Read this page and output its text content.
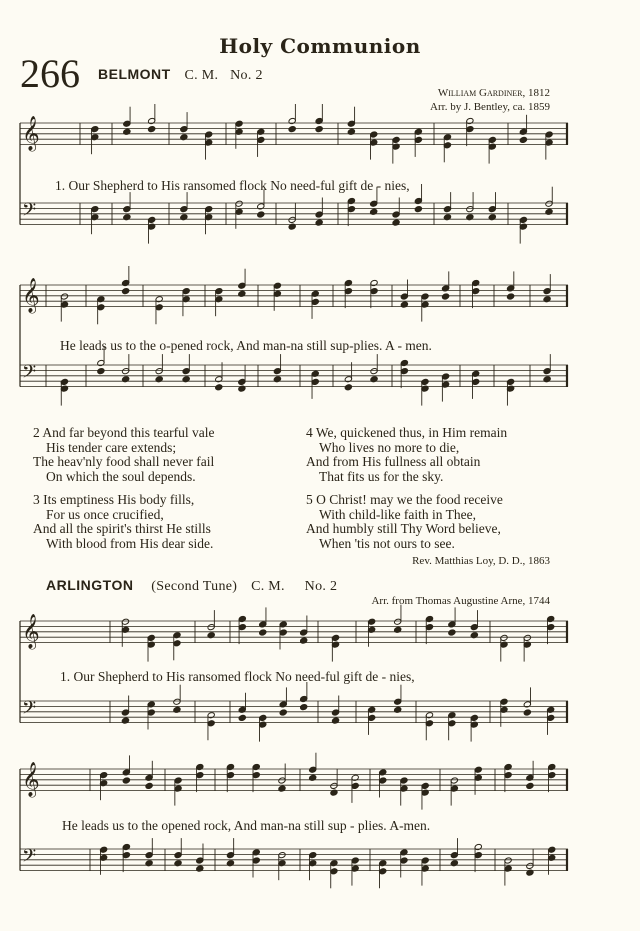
Holy Communion
266 BELMONT C. M. No. 2
William Gardiner, 1812
Arr. by J. Bentley, ca. 1859
𝄞
𝄢
1. Our Shepherd to His ransomed flock No need-ful gift de - nies,
𝄞
𝄢
He leads us to the o-pened rock, And man-na still sup-plies. A - men.
2 And far beyond this tearful vale
His tender care extends;
The heav'nly food shall never fail
On which the soul depends.
3 Its emptiness His body fills,
For us once crucified,
And all the spirit's thirst He stills
With blood from His dear side.
4 We, quickened thus, in Him remain
Who lives no more to die,
And from His fullness all obtain
That fits us for the sky.
5 O Christ! may we the food receive
With child-like faith in Thee,
And humbly still Thy Word believe,
When 'tis not ours to see.
Rev. Matthias Loy, D. D., 1863
ARLINGTON (Second Tune) C. M. No. 2
Arr. from Thomas Augustine Arne, 1744
𝄞
𝄢
1. Our Shepherd to His ransomed flock No need-ful gift de - nies,
𝄞
𝄢
He leads us to the opened rock, And man-na still sup - plies. A-men.
